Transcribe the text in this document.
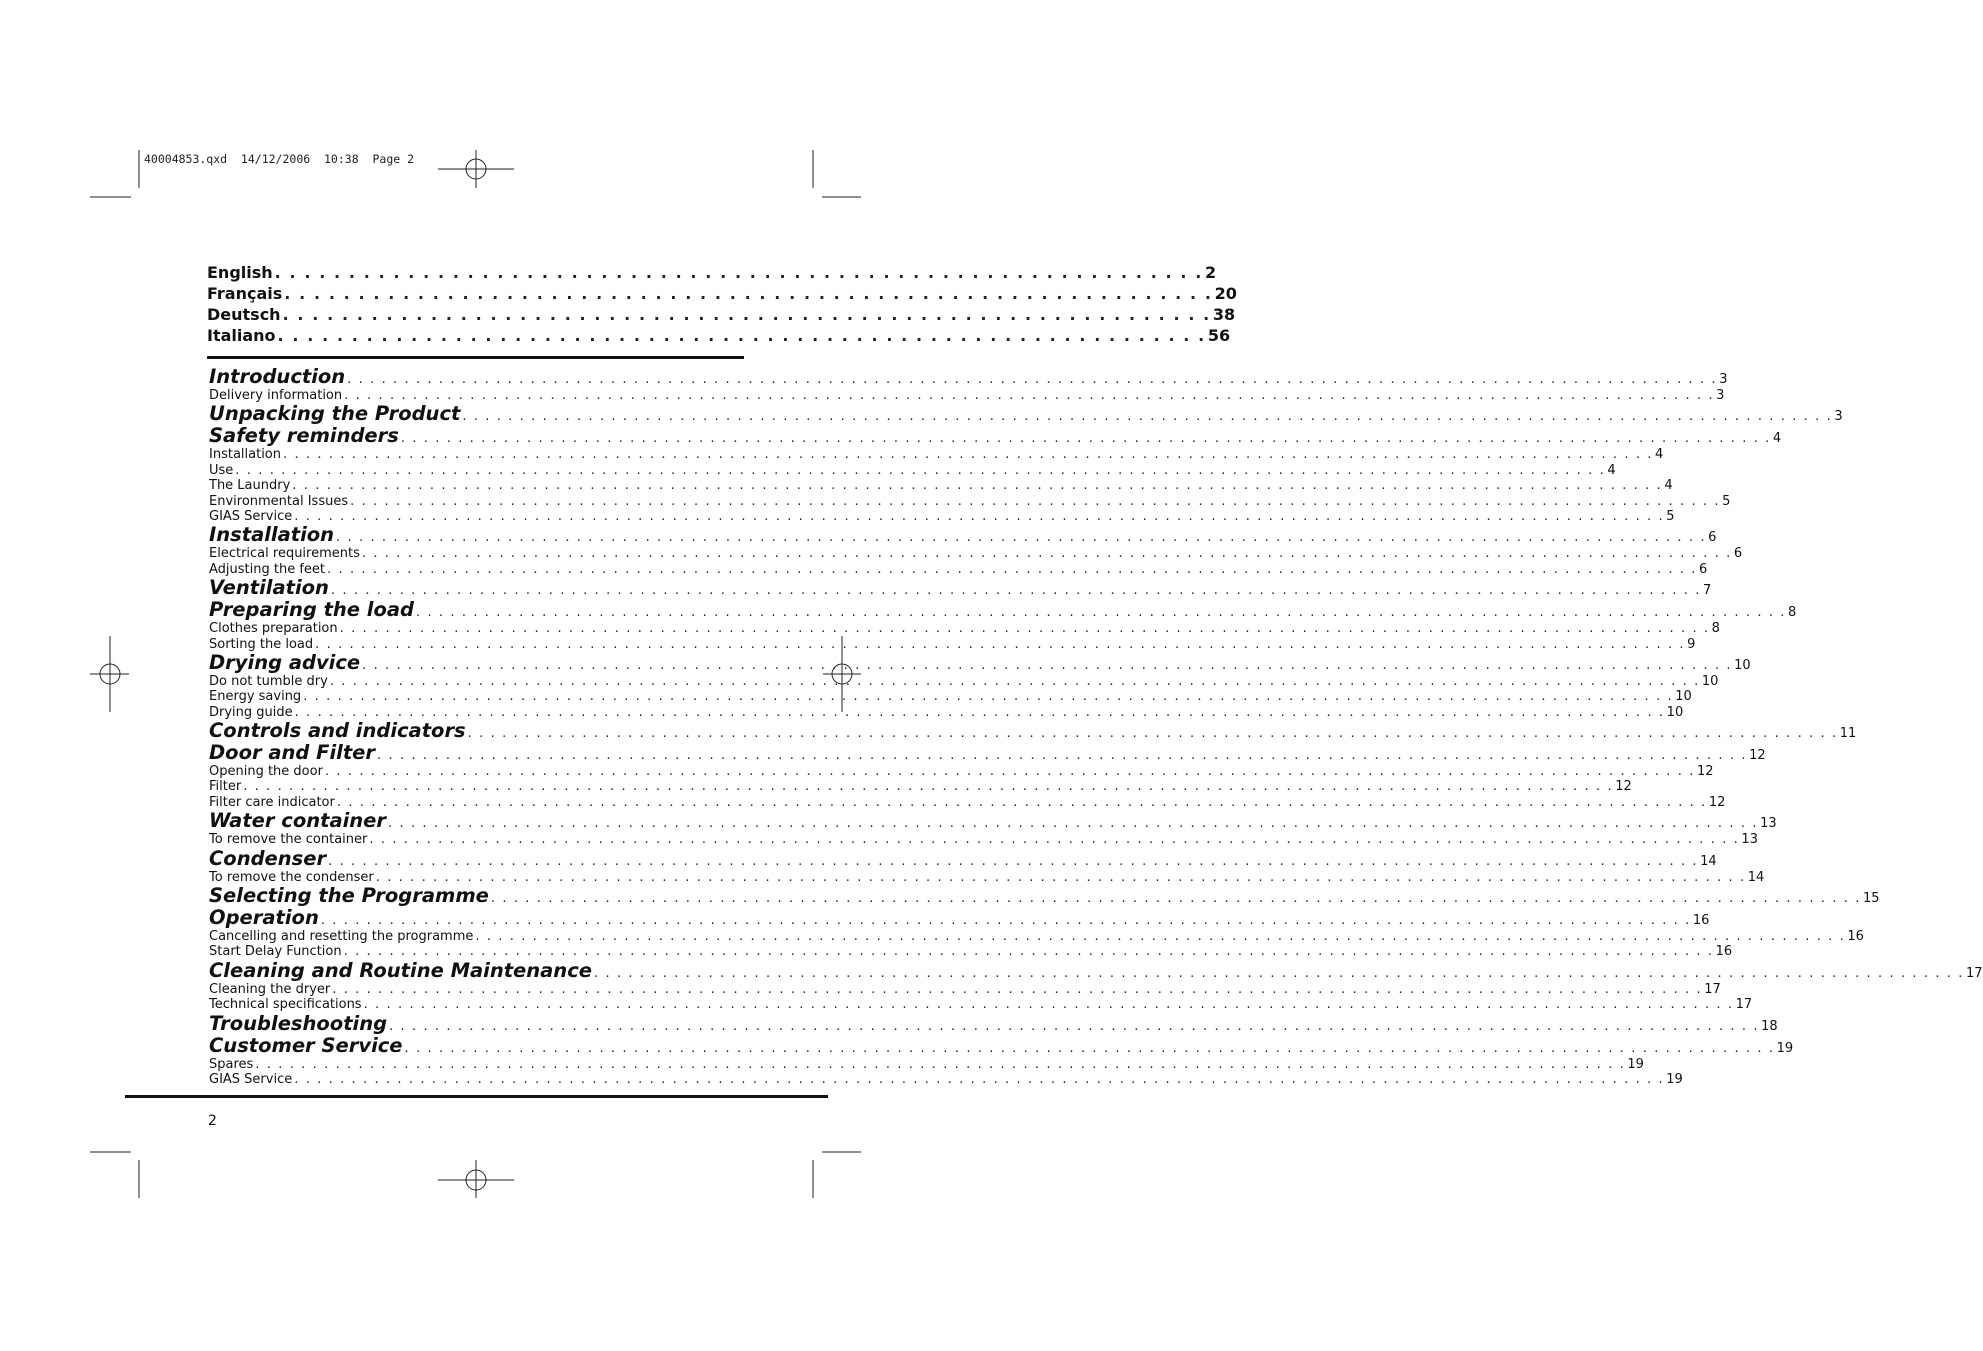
40004853.qxd  14/12/2006  10:38  Page 2
English . . . . . . . . . . . . . . . . . . . . . . . . . . . . . . . . . . . . . . . . . . . . . . . . . . . . . . . . . . . . . . . 2
Français . . . . . . . . . . . . . . . . . . . . . . . . . . . . . . . . . . . . . . . . . . . . . . . . . . . . . . . . . . . . . . . 20
Deutsch . . . . . . . . . . . . . . . . . . . . . . . . . . . . . . . . . . . . . . . . . . . . . . . . . . . . . . . . . . . . . . . 38
Italiano . . . . . . . . . . . . . . . . . . . . . . . . . . . . . . . . . . . . . . . . . . . . . . . . . . . . . . . . . . . . . . . 56
Introduction . . . . . . . . . . . . . . . . . . . . . . . . . . . . . . . . . . . . . . . . . . . . . . . . . . . . . . . . . . . . . . . . . . . . . . . . . . . . . . . . . . . . . . . . . . . . . . . . . . . . . . . . . . . . . . . . . . . . . . . . 3
Delivery information . . . . . . . . . . . . . . . . . . . . . . . . . . . . . . . . . . . . . . . . . . . . . . . . . . . . . . . . . . . . . . . . . . . . . . . . . . . . . . . . . . . . . . . . . . . . . . . . . . . . . . . . . . . . . . . . . . . . . . . . 3
Unpacking the Product . . . . . . . . . . . . . . . . . . . . . . . . . . . . . . . . . . . . . . . . . . . . . . . . . . . . . . . . . . . . . . . . . . . . . . . . . . . . . . . . . . . . . . . . . . . . . . . . . . . . . . . . . . . . . . . . . . . . . . . . 3
Safety reminders . . . . . . . . . . . . . . . . . . . . . . . . . . . . . . . . . . . . . . . . . . . . . . . . . . . . . . . . . . . . . . . . . . . . . . . . . . . . . . . . . . . . . . . . . . . . . . . . . . . . . . . . . . . . . . . . . . . . . . . . 4
Installation . . . . . . . . . . . . . . . . . . . . . . . . . . . . . . . . . . . . . . . . . . . . . . . . . . . . . . . . . . . . . . . . . . . . . . . . . . . . . . . . . . . . . . . . . . . . . . . . . . . . . . . . . . . . . . . . . . . . . . . . 4
Use . . . . . . . . . . . . . . . . . . . . . . . . . . . . . . . . . . . . . . . . . . . . . . . . . . . . . . . . . . . . . . . . . . . . . . . . . . . . . . . . . . . . . . . . . . . . . . . . . . . . . . . . . . . . . . . . . . . . . . . . 4
The Laundry . . . . . . . . . . . . . . . . . . . . . . . . . . . . . . . . . . . . . . . . . . . . . . . . . . . . . . . . . . . . . . . . . . . . . . . . . . . . . . . . . . . . . . . . . . . . . . . . . . . . . . . . . . . . . . . . . . . . . . . . 4
Environmental Issues . . . . . . . . . . . . . . . . . . . . . . . . . . . . . . . . . . . . . . . . . . . . . . . . . . . . . . . . . . . . . . . . . . . . . . . . . . . . . . . . . . . . . . . . . . . . . . . . . . . . . . . . . . . . . . . . . . . . . . . . 5
GIAS Service . . . . . . . . . . . . . . . . . . . . . . . . . . . . . . . . . . . . . . . . . . . . . . . . . . . . . . . . . . . . . . . . . . . . . . . . . . . . . . . . . . . . . . . . . . . . . . . . . . . . . . . . . . . . . . . . . . . . . . . . 5
Installation . . . . . . . . . . . . . . . . . . . . . . . . . . . . . . . . . . . . . . . . . . . . . . . . . . . . . . . . . . . . . . . . . . . . . . . . . . . . . . . . . . . . . . . . . . . . . . . . . . . . . . . . . . . . . . . . . . . . . . . . 6
Electrical requirements . . . . . . . . . . . . . . . . . . . . . . . . . . . . . . . . . . . . . . . . . . . . . . . . . . . . . . . . . . . . . . . . . . . . . . . . . . . . . . . . . . . . . . . . . . . . . . . . . . . . . . . . . . . . . . . . . . . . . . . . 6
Adjusting the feet . . . . . . . . . . . . . . . . . . . . . . . . . . . . . . . . . . . . . . . . . . . . . . . . . . . . . . . . . . . . . . . . . . . . . . . . . . . . . . . . . . . . . . . . . . . . . . . . . . . . . . . . . . . . . . . . . . . . . . . . 6
Ventilation . . . . . . . . . . . . . . . . . . . . . . . . . . . . . . . . . . . . . . . . . . . . . . . . . . . . . . . . . . . . . . . . . . . . . . . . . . . . . . . . . . . . . . . . . . . . . . . . . . . . . . . . . . . . . . . . . . . . . . . . 7
Preparing the load . . . . . . . . . . . . . . . . . . . . . . . . . . . . . . . . . . . . . . . . . . . . . . . . . . . . . . . . . . . . . . . . . . . . . . . . . . . . . . . . . . . . . . . . . . . . . . . . . . . . . . . . . . . . . . . . . . . . . . . . 8
Clothes preparation . . . . . . . . . . . . . . . . . . . . . . . . . . . . . . . . . . . . . . . . . . . . . . . . . . . . . . . . . . . . . . . . . . . . . . . . . . . . . . . . . . . . . . . . . . . . . . . . . . . . . . . . . . . . . . . . . . . . . . . . 8
Sorting the load . . . . . . . . . . . . . . . . . . . . . . . . . . . . . . . . . . . . . . . . . . . . . . . . . . . . . . . . . . . . . . . . . . . . . . . . . . . . . . . . . . . . . . . . . . . . . . . . . . . . . . . . . . . . . . . . . . . . . . . . 9
Drying advice . . . . . . . . . . . . . . . . . . . . . . . . . . . . . . . . . . . . . . . . . . . . . . . . . . . . . . . . . . . . . . . . . . . . . . . . . . . . . . . . . . . . . . . . . . . . . . . . . . . . . . . . . . . . . . . . . . . . . . . . 10
Do not tumble dry . . . . . . . . . . . . . . . . . . . . . . . . . . . . . . . . . . . . . . . . . . . . . . . . . . . . . . . . . . . . . . . . . . . . . . . . . . . . . . . . . . . . . . . . . . . . . . . . . . . . . . . . . . . . . . . . . . . . . . . . 10
Energy saving . . . . . . . . . . . . . . . . . . . . . . . . . . . . . . . . . . . . . . . . . . . . . . . . . . . . . . . . . . . . . . . . . . . . . . . . . . . . . . . . . . . . . . . . . . . . . . . . . . . . . . . . . . . . . . . . . . . . . . . . 10
Drying guide . . . . . . . . . . . . . . . . . . . . . . . . . . . . . . . . . . . . . . . . . . . . . . . . . . . . . . . . . . . . . . . . . . . . . . . . . . . . . . . . . . . . . . . . . . . . . . . . . . . . . . . . . . . . . . . . . . . . . . . . 10
Controls and indicators . . . . . . . . . . . . . . . . . . . . . . . . . . . . . . . . . . . . . . . . . . . . . . . . . . . . . . . . . . . . . . . . . . . . . . . . . . . . . . . . . . . . . . . . . . . . . . . . . . . . . . . . . . . . . . . . . . . . . . . . 11
Door and Filter . . . . . . . . . . . . . . . . . . . . . . . . . . . . . . . . . . . . . . . . . . . . . . . . . . . . . . . . . . . . . . . . . . . . . . . . . . . . . . . . . . . . . . . . . . . . . . . . . . . . . . . . . . . . . . . . . . . . . . . . 12
Opening the door . . . . . . . . . . . . . . . . . . . . . . . . . . . . . . . . . . . . . . . . . . . . . . . . . . . . . . . . . . . . . . . . . . . . . . . . . . . . . . . . . . . . . . . . . . . . . . . . . . . . . . . . . . . . . . . . . . . . . . . . 12
Filter . . . . . . . . . . . . . . . . . . . . . . . . . . . . . . . . . . . . . . . . . . . . . . . . . . . . . . . . . . . . . . . . . . . . . . . . . . . . . . . . . . . . . . . . . . . . . . . . . . . . . . . . . . . . . . . . . . . . . . . . 12
Filter care indicator . . . . . . . . . . . . . . . . . . . . . . . . . . . . . . . . . . . . . . . . . . . . . . . . . . . . . . . . . . . . . . . . . . . . . . . . . . . . . . . . . . . . . . . . . . . . . . . . . . . . . . . . . . . . . . . . . . . . . . . . 12
Water container . . . . . . . . . . . . . . . . . . . . . . . . . . . . . . . . . . . . . . . . . . . . . . . . . . . . . . . . . . . . . . . . . . . . . . . . . . . . . . . . . . . . . . . . . . . . . . . . . . . . . . . . . . . . . . . . . . . . . . . . 13
To remove the container . . . . . . . . . . . . . . . . . . . . . . . . . . . . . . . . . . . . . . . . . . . . . . . . . . . . . . . . . . . . . . . . . . . . . . . . . . . . . . . . . . . . . . . . . . . . . . . . . . . . . . . . . . . . . . . . . . . . . . . . 13
Condenser . . . . . . . . . . . . . . . . . . . . . . . . . . . . . . . . . . . . . . . . . . . . . . . . . . . . . . . . . . . . . . . . . . . . . . . . . . . . . . . . . . . . . . . . . . . . . . . . . . . . . . . . . . . . . . . . . . . . . . . . 14
To remove the condenser . . . . . . . . . . . . . . . . . . . . . . . . . . . . . . . . . . . . . . . . . . . . . . . . . . . . . . . . . . . . . . . . . . . . . . . . . . . . . . . . . . . . . . . . . . . . . . . . . . . . . . . . . . . . . . . . . . . . . . . . 14
Selecting the Programme . . . . . . . . . . . . . . . . . . . . . . . . . . . . . . . . . . . . . . . . . . . . . . . . . . . . . . . . . . . . . . . . . . . . . . . . . . . . . . . . . . . . . . . . . . . . . . . . . . . . . . . . . . . . . . . . . . . . . . . . 15
Operation . . . . . . . . . . . . . . . . . . . . . . . . . . . . . . . . . . . . . . . . . . . . . . . . . . . . . . . . . . . . . . . . . . . . . . . . . . . . . . . . . . . . . . . . . . . . . . . . . . . . . . . . . . . . . . . . . . . . . . . . 16
Cancelling and resetting the programme . . . . . . . . . . . . . . . . . . . . . . . . . . . . . . . . . . . . . . . . . . . . . . . . . . . . . . . . . . . . . . . . . . . . . . . . . . . . . . . . . . . . . . . . . . . . . . . . . . . . . . . . . . . . . . . . . . . . . . . . 16
Start Delay Function . . . . . . . . . . . . . . . . . . . . . . . . . . . . . . . . . . . . . . . . . . . . . . . . . . . . . . . . . . . . . . . . . . . . . . . . . . . . . . . . . . . . . . . . . . . . . . . . . . . . . . . . . . . . . . . . . . . . . . . . 16
Cleaning and Routine Maintenance . . . . . . . . . . . . . . . . . . . . . . . . . . . . . . . . . . . . . . . . . . . . . . . . . . . . . . . . . . . . . . . . . . . . . . . . . . . . . . . . . . . . . . . . . . . . . . . . . . . . . . . . . . . . . . . . . . . . . . . . 17
Cleaning the dryer . . . . . . . . . . . . . . . . . . . . . . . . . . . . . . . . . . . . . . . . . . . . . . . . . . . . . . . . . . . . . . . . . . . . . . . . . . . . . . . . . . . . . . . . . . . . . . . . . . . . . . . . . . . . . . . . . . . . . . . . 17
Technical specifications . . . . . . . . . . . . . . . . . . . . . . . . . . . . . . . . . . . . . . . . . . . . . . . . . . . . . . . . . . . . . . . . . . . . . . . . . . . . . . . . . . . . . . . . . . . . . . . . . . . . . . . . . . . . . . . . . . . . . . . . 17
Troubleshooting . . . . . . . . . . . . . . . . . . . . . . . . . . . . . . . . . . . . . . . . . . . . . . . . . . . . . . . . . . . . . . . . . . . . . . . . . . . . . . . . . . . . . . . . . . . . . . . . . . . . . . . . . . . . . . . . . . . . . . . . 18
Customer Service . . . . . . . . . . . . . . . . . . . . . . . . . . . . . . . . . . . . . . . . . . . . . . . . . . . . . . . . . . . . . . . . . . . . . . . . . . . . . . . . . . . . . . . . . . . . . . . . . . . . . . . . . . . . . . . . . . . . . . . . 19
Spares . . . . . . . . . . . . . . . . . . . . . . . . . . . . . . . . . . . . . . . . . . . . . . . . . . . . . . . . . . . . . . . . . . . . . . . . . . . . . . . . . . . . . . . . . . . . . . . . . . . . . . . . . . . . . . . . . . . . . . . . 19
GIAS Service . . . . . . . . . . . . . . . . . . . . . . . . . . . . . . . . . . . . . . . . . . . . . . . . . . . . . . . . . . . . . . . . . . . . . . . . . . . . . . . . . . . . . . . . . . . . . . . . . . . . . . . . . . . . . . . . . . . . . . . . 19
2
